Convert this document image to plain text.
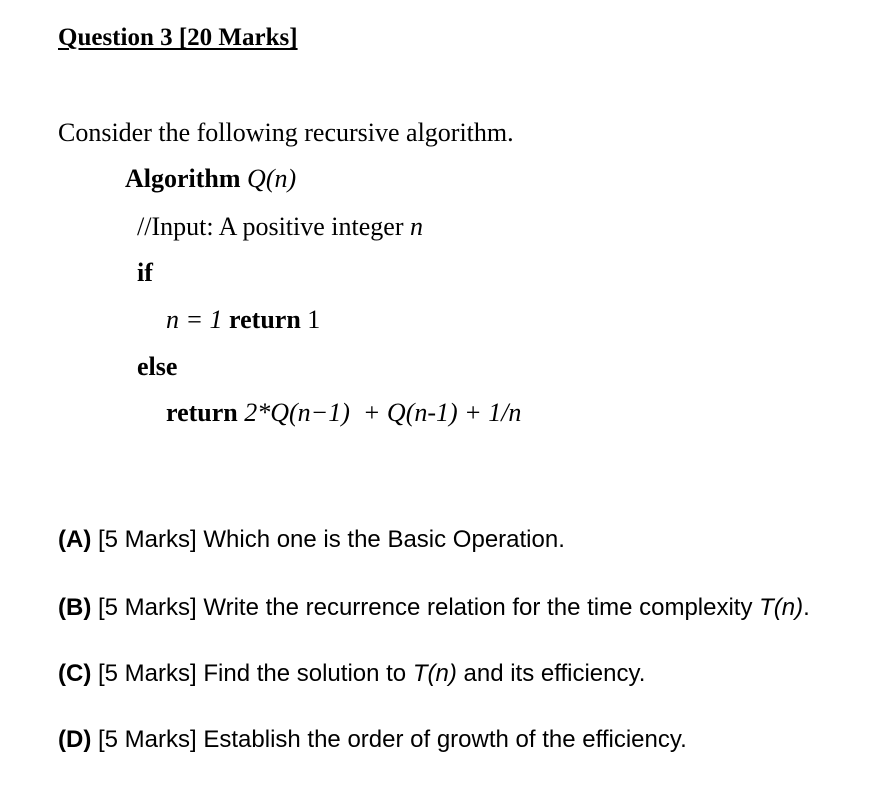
Question 3 [20 Marks]
Consider the following recursive algorithm.
Algorithm Q(n)
//Input: A positive integer n
if
n = 1 return 1
else
return 2*Q(n−1)  + Q(n-1) + 1/n
(A) [5 Marks] Which one is the Basic Operation.
(B) [5 Marks] Write the recurrence relation for the time complexity T(n).
(C) [5 Marks] Find the solution to T(n) and its efficiency.
(D) [5 Marks] Establish the order of growth of the efficiency.
